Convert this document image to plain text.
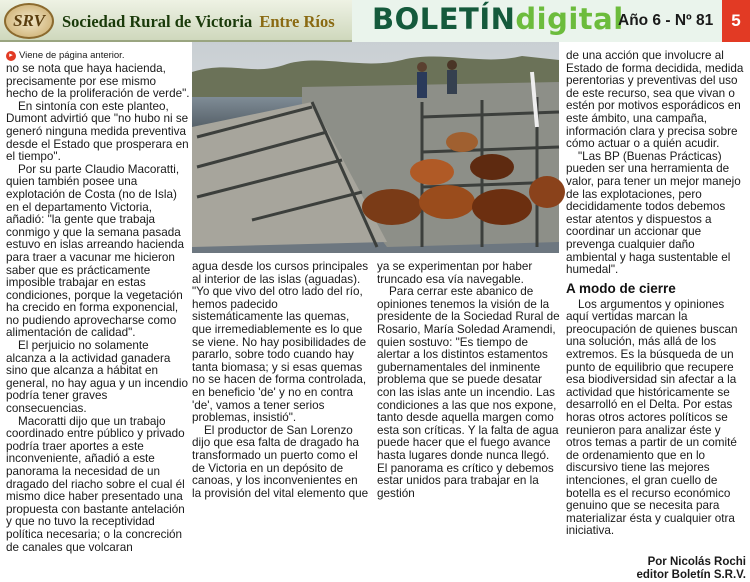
SRV Sociedad Rural de Victoria Entre Ríos BOLETÍNdigital
Año 6 - Nº 81	5
▸ Viene de página anterior.

no se nota que haya hacienda, precisamente por ese mismo hecho de la proliferación de verde".

En sintonía con este planteo, Dumont advirtió que "no hubo ni se generó ninguna medida preventiva desde el Estado que prosperara en el tiempo".

Por su parte Claudio Macoratti, quien también posee una explotación de Costa (no de Isla) en el departamento Victoria, añadió: "la gente que trabaja conmigo y que la semana pasada estuvo en islas arreando hacienda para traer a vacunar me hicieron saber que es prácticamente imposible trabajar en estas condiciones, porque la vegetación ha crecido en forma exponencial, no pudiendo aprovecharse como alimentación de calidad".

El perjuicio no solamente alcanza a la actividad ganadera sino que alcanza a hábitat en general, no hay agua y un incendio podría tener graves consecuencias.

Macoratti dijo que un trabajo coordinado entre público y privado podría traer aportes a este inconveniente, añadió a este panorama la necesidad de un dragado del riacho sobre el cual él mismo dice haber presentado una propuesta con bastante antelación y que no tuvo la receptividad política necesaria; o la concreción de canales que volcaran

agua desde los cursos principales al interior de las islas (aguadas). "Yo que vivo del otro lado del río, hemos padecido sistemáticamente las quemas, que irremediablemente es lo que se viene. No hay posibilidades de pararlo, sobre todo cuando hay tanta biomasa; y si esas quemas no se hacen de forma controlada, en beneficio 'de' y no en contra 'de', vamos a tener serios problemas, insistió".

El productor de San Lorenzo dijo que esa falta de dragado ha transformado un puerto como el de Victoria en un depósito de canoas, y los inconvenientes en la provisión del vital elemento que

ya se experimentan por haber truncado esa vía navegable.

Para cerrar este abanico de opiniones tenemos la visión de la presidente de la Sociedad Rural de Rosario, María Soledad Aramendi, quien sostuvo: "Es tiempo de alertar a los distintos estamentos gubernamentales del inminente problema que se puede desatar con las islas ante un incendio. Las condiciones a las que nos expone, tanto desde aquella margen como esta son críticas. Y la falta de agua puede hacer que el fuego avance hasta lugares donde nunca llegó. El panorama es crítico y debemos estar unidos para trabajar en la gestión

de una acción que involucre al Estado de forma decidida, medida perentorias y preventivas del uso de este recurso, sea que vivan o estén por motivos esporádicos en este ámbito, una campaña, información clara y precisa sobre cómo actuar o a quién acudir.

"Las BP (Buenas Prácticas) pueden ser una herramienta de valor, para tener un mejor manejo de las explotaciones, pero decididamente todos debemos estar atentos y dispuestos a coordinar un accionar que prevenga cualquier daño ambiental y haga sustentable el humedal".

A modo de cierre

Los argumentos y opiniones aquí vertidas marcan la preocupación de quienes buscan una solución, más allá de los extremos. Es la búsqueda de un punto de equilibrio que recupere esa biodiversidad sin afectar a la actividad que históricamente se desarrolló en el Delta. Por estas horas otros actores políticos se reunieron para analizar éste y otros temas a partir de un comité de ordenamiento que en lo discursivo tiene las mejores intenciones, el gran cuello de botella es el recurso económico genuino que se necesita para materializar ésta y cualquier otra iniciativa.

Por Nicolás Rochi
editor Boletín S.R.V.
